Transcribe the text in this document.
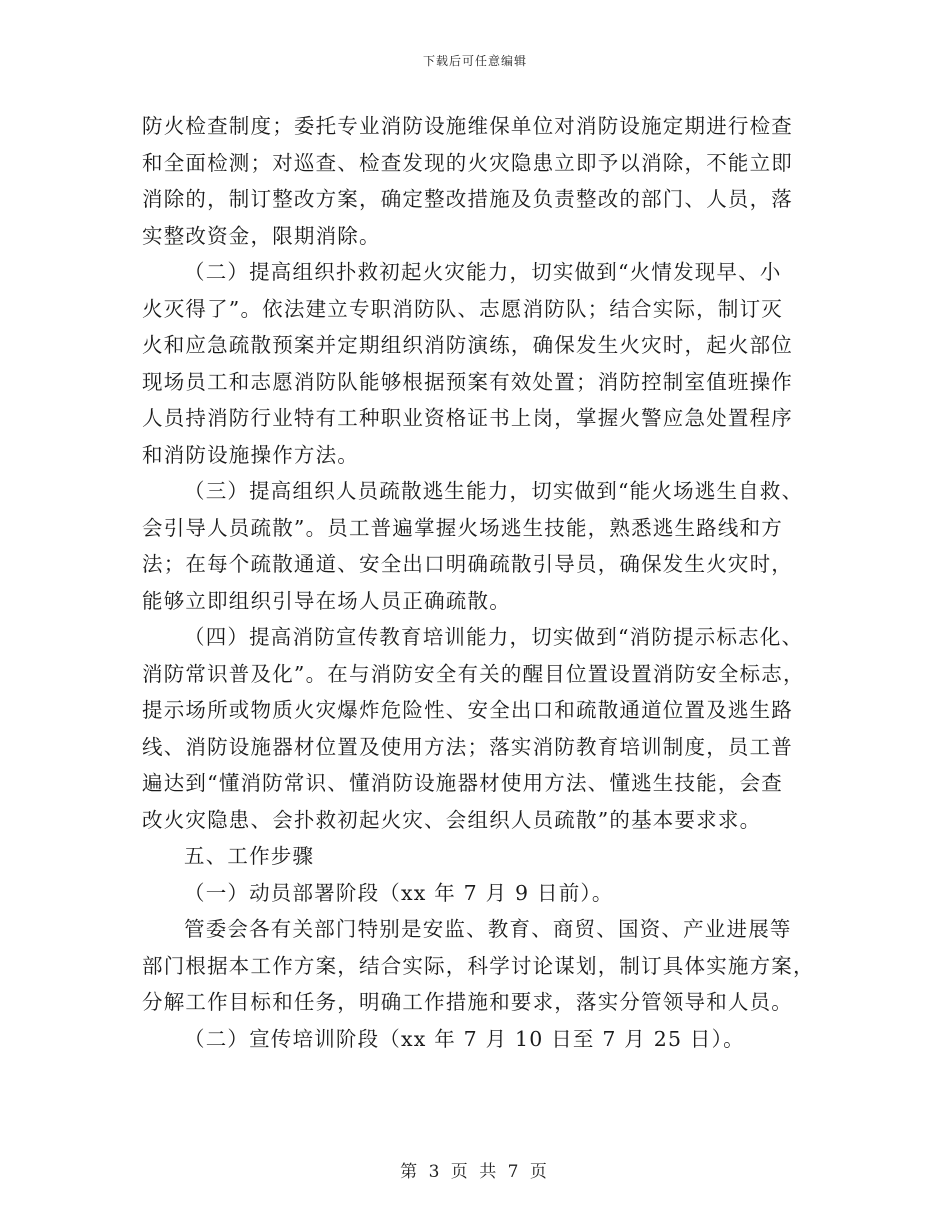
下载后可任意编辑
防火检查制度；委托专业消防设施维保单位对消防设施定期进行检查
和全面检测；对巡查、检查发现的火灾隐患立即予以消除，不能立即
消除的，制订整改方案，确定整改措施及负责整改的部门、人员，落
实整改资金，限期消除。
（二）提高组织扑救初起火灾能力，切实做到“火情发现早、小
火灭得了”。依法建立专职消防队、志愿消防队；结合实际，制订灭
火和应急疏散预案并定期组织消防演练，确保发生火灾时，起火部位
现场员工和志愿消防队能够根据预案有效处置；消防控制室值班操作
人员持消防行业特有工种职业资格证书上岗，掌握火警应急处置程序
和消防设施操作方法。
（三）提高组织人员疏散逃生能力，切实做到“能火场逃生自救、
会引导人员疏散”。员工普遍掌握火场逃生技能，熟悉逃生路线和方
法；在每个疏散通道、安全出口明确疏散引导员，确保发生火灾时，
能够立即组织引导在场人员正确疏散。
（四）提高消防宣传教育培训能力，切实做到“消防提示标志化、
消防常识普及化”。在与消防安全有关的醒目位置设置消防安全标志，
提示场所或物质火灾爆炸危险性、安全出口和疏散通道位置及逃生路
线、消防设施器材位置及使用方法；落实消防教育培训制度，员工普
遍达到“懂消防常识、懂消防设施器材使用方法、懂逃生技能，会查
改火灾隐患、会扑救初起火灾、会组织人员疏散”的基本要求求。
五、工作步骤
（一）动员部署阶段（xx 年 7 月 9 日前）。
管委会各有关部门特别是安监、教育、商贸、国资、产业进展等
部门根据本工作方案，结合实际，科学讨论谋划，制订具体实施方案，
分解工作目标和任务，明确工作措施和要求，落实分管领导和人员。
（二）宣传培训阶段（xx 年 7 月 10 日至 7 月 25 日）。
第 3 页 共 7 页
